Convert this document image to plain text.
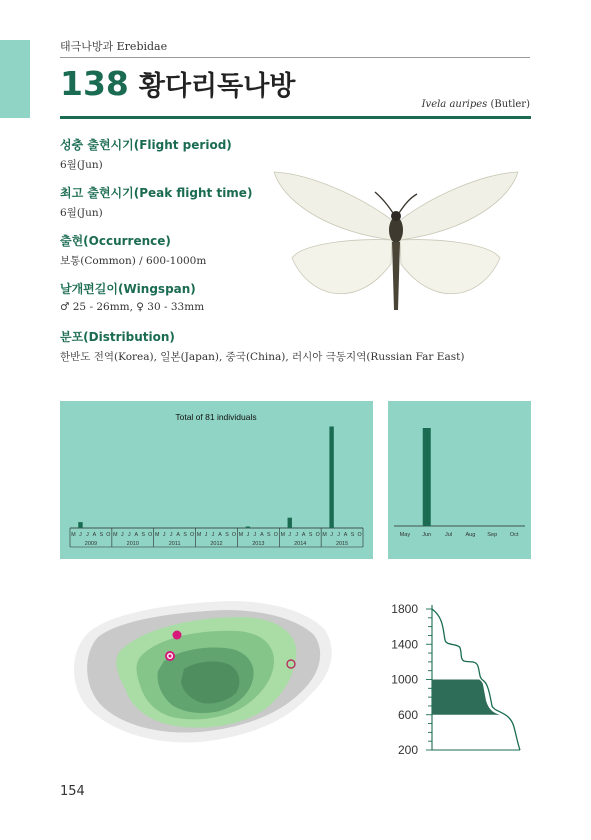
태극나방과 Erebidae
138 황다리독나방
Ivela auripes (Butler)
성충 출현시기(Flight period)
6월(Jun)
최고 출현시기(Peak flight time)
6월(Jun)
출현(Occurrence)
보통(Common) / 600-1000m
날개편길이(Wingspan)
♂ 25 - 26mm, ♀ 30 - 33mm
분포(Distribution)
한반도 전역(Korea), 일본(Japan), 중국(China), 러시아 극동지역(Russian Far East)
Total of 81 individuals
M J J A S O
2009
M J J A S O
2010
M J J A S O
2011
M J J A S O
2012
M J J A S O
2013
M J J A S O
2014
M J J A S O
2015
May Jun Jul Aug Sep Oct
1800
1400
1000
600
200
154
